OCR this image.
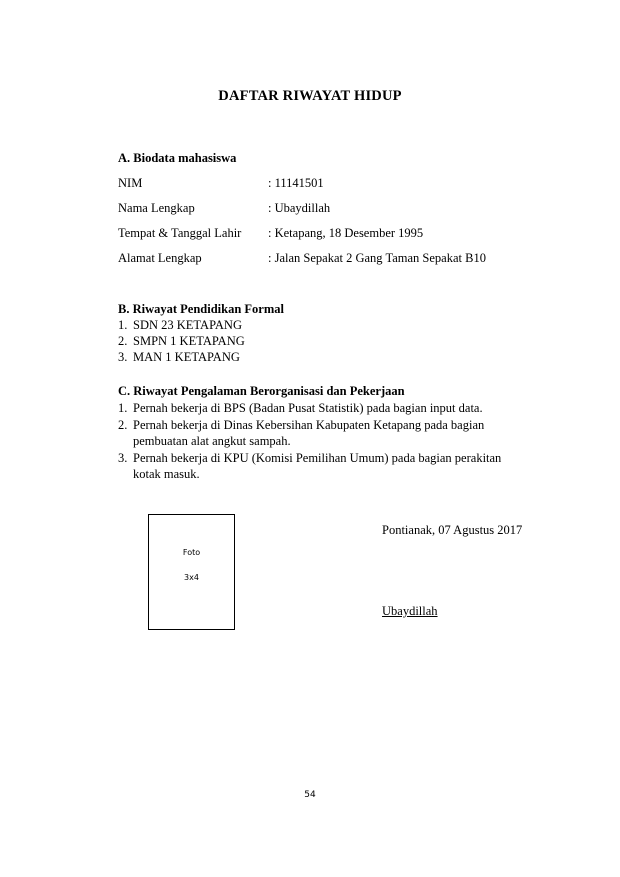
DAFTAR RIWAYAT HIDUP
A. Biodata mahasiswa
NIM	: 11141501
Nama Lengkap	: Ubaydillah
Tempat & Tanggal Lahir : Ketapang, 18 Desember 1995
Alamat Lengkap	: Jalan Sepakat 2 Gang Taman Sepakat B10
B. Riwayat Pendidikan Formal
1. SDN 23 KETAPANG
2. SMPN 1 KETAPANG
3. MAN 1 KETAPANG
C. Riwayat Pengalaman Berorganisasi dan Pekerjaan
1. Pernah bekerja di BPS (Badan Pusat Statistik) pada bagian input data.
2. Pernah bekerja di Dinas Kebersihan Kabupaten Ketapang pada bagian
pembuatan alat angkut sampah.
3. Pernah bekerja di KPU (Komisi Pemilihan Umum) pada bagian perakitan
kotak masuk.
Foto
3x4
Pontianak, 07 Agustus 2017
Ubaydillah
54
